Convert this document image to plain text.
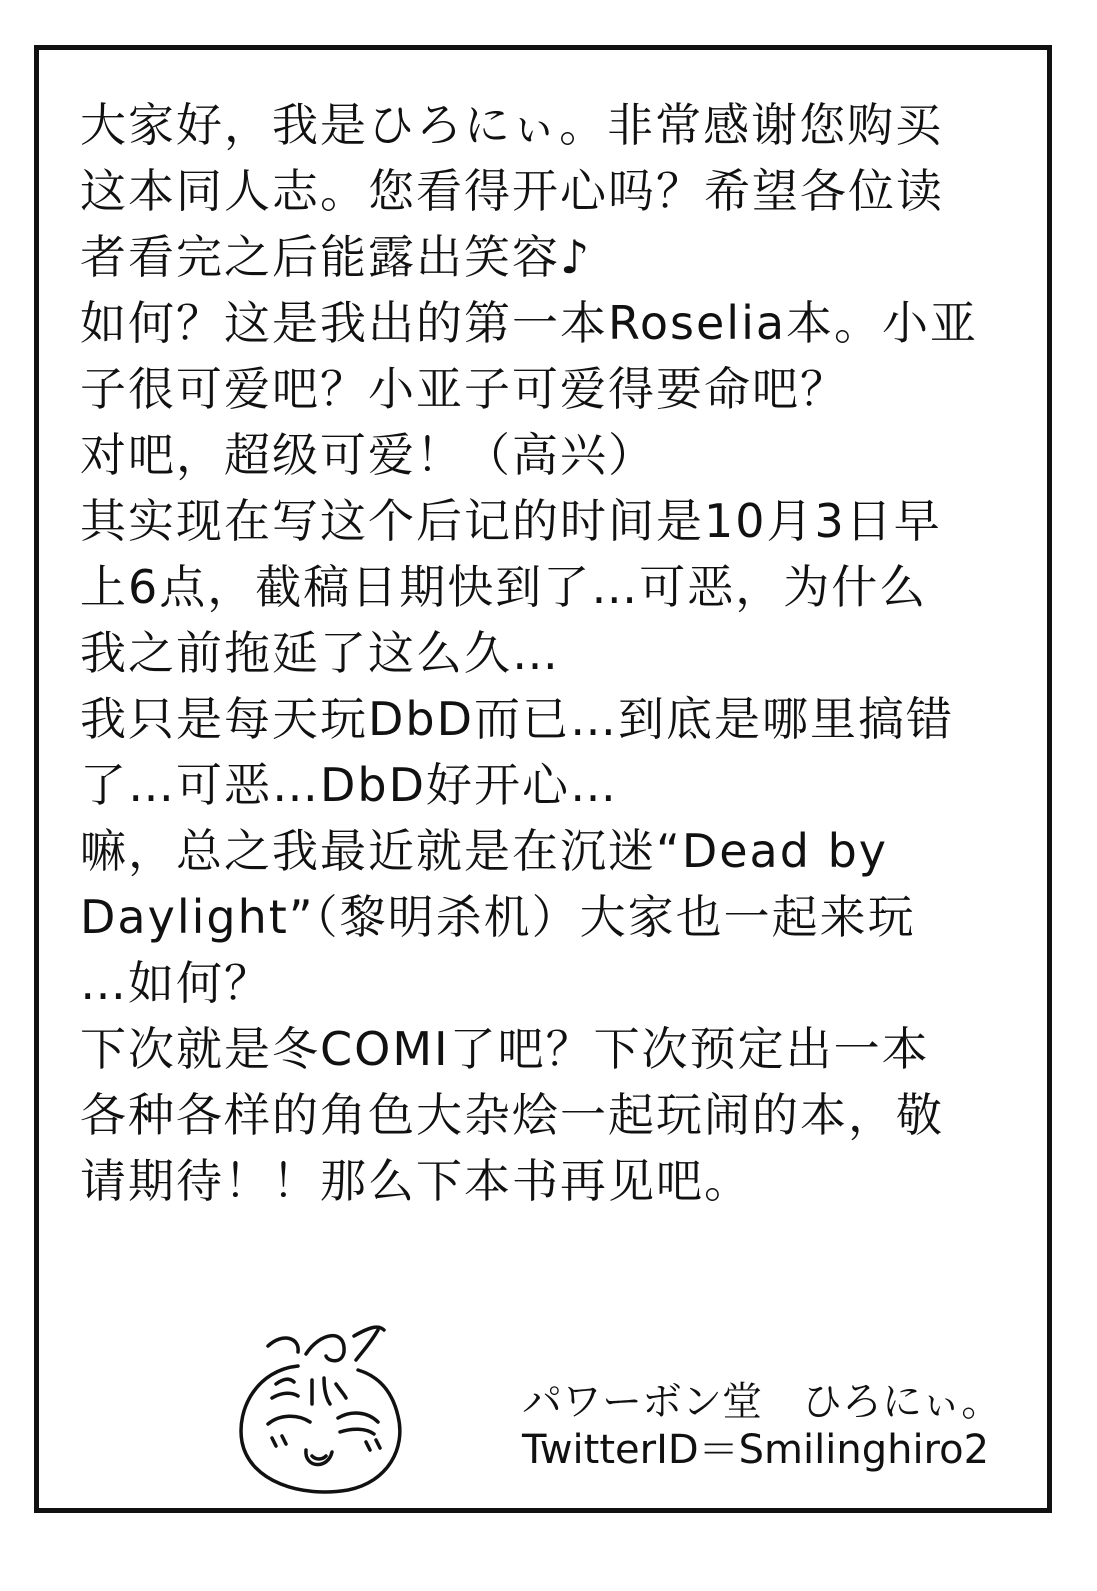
大家好，我是ひろにぃ。非常感谢您购买
这本同人志。您看得开心吗？希望各位读
者看完之后能露出笑容♪
如何？这是我出的第一本Roselia本。小亚
子很可爱吧？小亚子可爱得要命吧？
对吧，超级可爱！（高兴）
其实现在写这个后记的时间是10月3日早
上6点，截稿日期快到了…可恶，为什么
我之前拖延了这么久…
我只是每天玩DbD而已…到底是哪里搞错
了…可恶…DbD好开心…
嘛，总之我最近就是在沉迷“Dead by
Daylight”（黎明杀机）大家也一起来玩
…如何？
下次就是冬COMI了吧？下次预定出一本
各种各样的角色大杂烩一起玩闹的本，敬
请期待！！那么下本书再见吧。
パワーボン堂　ひろにぃ。
TwitterID＝Smilinghiro2
